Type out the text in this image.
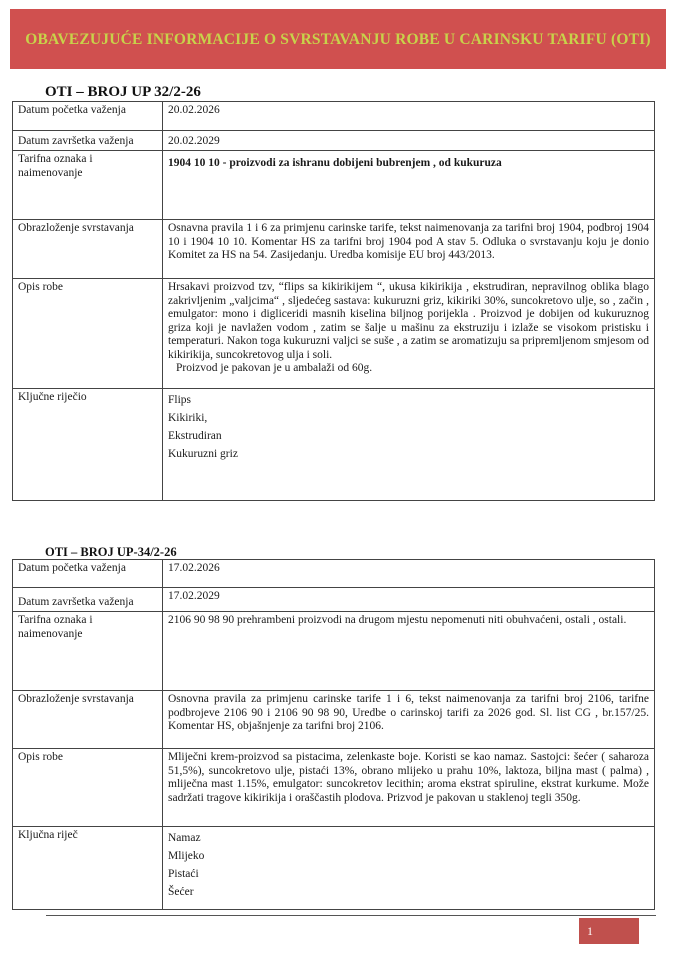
OBAVEZUJUĆE INFORMACIJE O SVRSTAVANJU ROBE U CARINSKU TARIFU (OTI)
OTI – BROJ UP 32/2-26
Datum početka važenja	20.02.2026
Datum završetka važenja	20.02.2029
Tarifna oznaka i naimenovanje	1904 10 10 - proizvodi za ishranu dobijeni bubrenjem , od kukuruza
Obrazloženje svrstavanja	Osnavna pravila 1 i 6 za primjenu carinske tarife, tekst naimenovanja za tarifni broj 1904, podbroj 1904 10 i 1904 10 10. Komentar HS za tarifni broj 1904 pod A stav 5. Odluka o svrstavanju koju je donio Komitet za HS na 54. Zasijedanju. Uredba komisije EU broj 443/2013.
Opis robe	Hrsakavi proizvod tzv, “flips sa kikirikijem “, ukusa kikirikija , ekstrudiran, nepravilnog oblika blago zakrivljenim „valjcima“ , sljedećeg sastava: kukuruzni griz, kikiriki 30%, suncokretovo ulje, so , začin , emulgator: mono i digliceridi masnih kiselina biljnog porijekla . Proizvod je dobijen od kukuruznog griza koji je navlažen vodom , zatim se šalje u mašinu za ekstruziju i izlaže se visokom pristisku i temperaturi. Nakon toga kukuruzni valjci se suše , a zatim se aromatizuju sa pripremljenom smjesom od kikirikija, suncokretovog ulja i soli.
Proizvod je pakovan je u ambalaži od 60g.
Ključne riječio	Flips
Kikiriki,
Ekstrudiran
Kukuruzni griz
OTI – BROJ UP-34/2-26
Datum početka važenja	17.02.2026
Datum završetka važenja	17.02.2029
Tarifna oznaka i naimenovanje	2106 90 98 90 prehrambeni proizvodi na drugom mjestu nepomenuti niti obuhvaćeni, ostali , ostali.
Obrazloženje svrstavanja	Osnovna pravila za primjenu carinske tarife 1 i 6, tekst naimenovanja za tarifni broj 2106, tarifne podbrojeve 2106 90 i 2106 90 98 90, Uredbe o carinskoj tarifi za 2026 god. Sl. list CG , br.157/25. Komentar HS, objašnjenje za tarifni broj 2106.
Opis robe	Mliječni krem-proizvod sa pistacima, zelenkaste boje. Koristi se kao namaz. Sastojci: šećer ( saharoza 51,5%), suncokretovo ulje, pistaći 13%, obrano mlijeko u prahu 10%, laktoza, biljna mast ( palma) , mliječna mast 1.15%, emulgator: suncokretov lecithin; aroma ekstrat spiruline, ekstrat kurkume. Može sadržati tragove kikirikija i oraščastih plodova. Prizvod je pakovan u staklenoj tegli 350g.
Ključna riječ	Namaz
Mlijeko
Pistaći
Šećer
1
